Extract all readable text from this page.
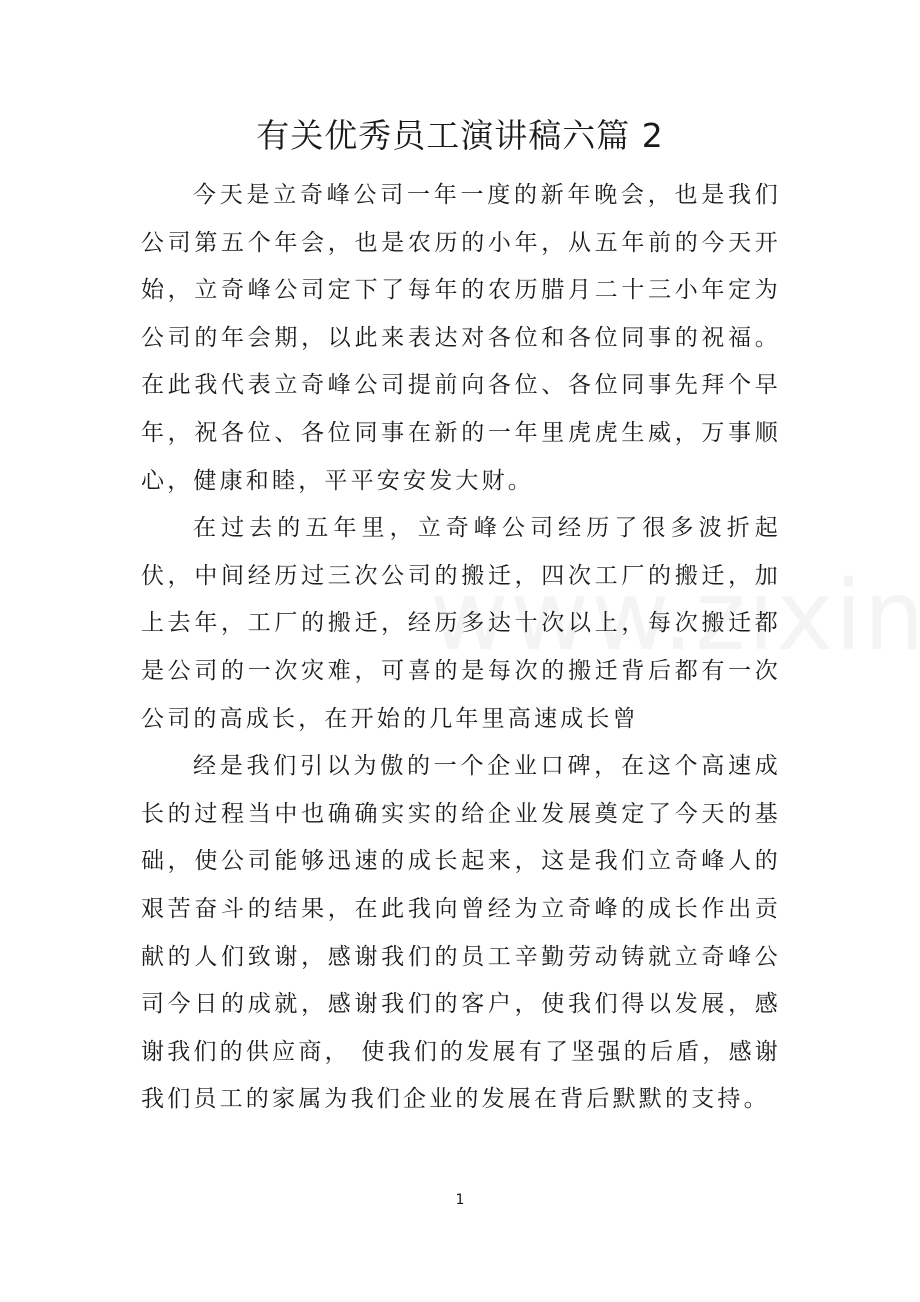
有关优秀员工演讲稿六篇 2

今天是立奇峰公司一年一度的新年晚会，也是我们公司第五个年会，也是农历的小年，从五年前的今天开始，立奇峰公司定下了每年的农历腊月二十三小年定为公司的年会期，以此来表达对各位和各位同事的祝福。在此我代表立奇峰公司提前向各位、各位同事先拜个早年，祝各位、各位同事在新的一年里虎虎生威，万事顺心，健康和睦，平平安安发大财。

在过去的五年里，立奇峰公司经历了很多波折起伏，中间经历过三次公司的搬迁，四次工厂的搬迁，加上去年，工厂的搬迁，经历多达十次以上，每次搬迁都是公司的一次灾难，可喜的是每次的搬迁背后都有一次公司的高成长，在开始的几年里高速成长曾

经是我们引以为傲的一个企业口碑，在这个高速成长的过程当中也确确实实的给企业发展奠定了今天的基础，使公司能够迅速的成长起来，这是我们立奇峰人的艰苦奋斗的结果，在此我向曾经为立奇峰的成长作出贡献的人们致谢，感谢我们的员工辛勤劳动铸就立奇峰公司今日的成就，感谢我们的客户，使我们得以发展，感谢我们的供应商， 使我们的发展有了坚强的后盾，感谢我们员工的家属为我们企业的发展在背后默默的支持。

1
